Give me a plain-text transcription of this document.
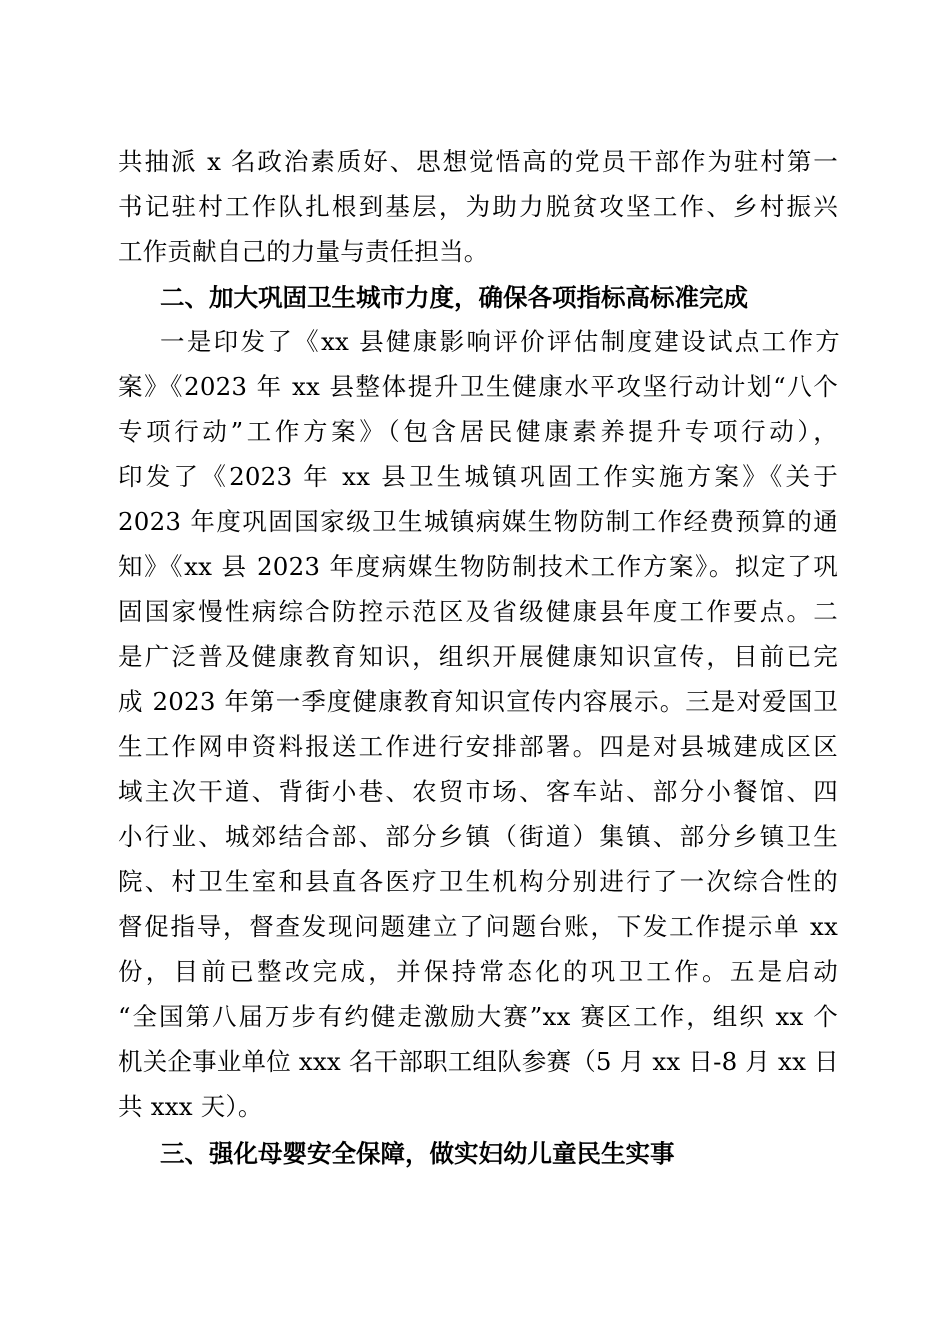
共抽派 x 名政治素质好、思想觉悟高的党员干部作为驻村第一
书记驻村工作队扎根到基层，为助力脱贫攻坚工作、乡村振兴
工作贡献自己的力量与责任担当。
二、加大巩固卫生城市力度，确保各项指标高标准完成
一是印发了《xx 县健康影响评价评估制度建设试点工作方
案》《2023 年 xx 县整体提升卫生健康水平攻坚行动计划“八个
专项行动”工作方案》（包含居民健康素养提升专项行动），
印发了《2023 年 xx 县卫生城镇巩固工作实施方案》《关于
2023 年度巩固国家级卫生城镇病媒生物防制工作经费预算的通
知》《xx 县 2023 年度病媒生物防制技术工作方案》。拟定了巩
固国家慢性病综合防控示范区及省级健康县年度工作要点。二
是广泛普及健康教育知识，组织开展健康知识宣传，目前已完
成 2023 年第一季度健康教育知识宣传内容展示。三是对爱国卫
生工作网申资料报送工作进行安排部署。四是对县城建成区区
域主次干道、背街小巷、农贸市场、客车站、部分小餐馆、四
小行业、城郊结合部、部分乡镇（街道）集镇、部分乡镇卫生
院、村卫生室和县直各医疗卫生机构分别进行了一次综合性的
督促指导，督查发现问题建立了问题台账，下发工作提示单 xx
份，目前已整改完成，并保持常态化的巩卫工作。五是启动
“全国第八届万步有约健走激励大赛”xx 赛区工作，组织 xx 个
机关企事业单位 xxx 名干部职工组队参赛（5 月 xx 日-8 月 xx 日
共 xxx 天）。
三、强化母婴安全保障，做实妇幼儿童民生实事
